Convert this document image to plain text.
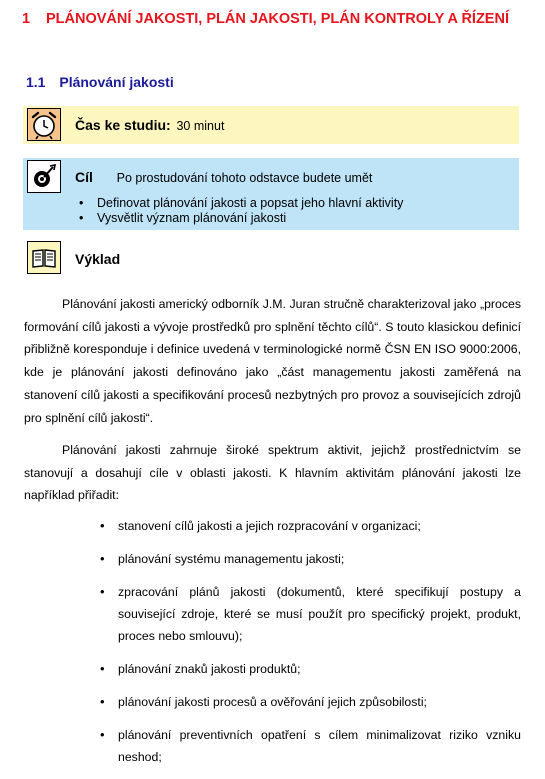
1	PLÁNOVÁNÍ JAKOSTI, PLÁN JAKOSTI, PLÁN KONTROLY A ŘÍZENÍ
1.1 Plánování jakosti
Čas ke studiu: 30 minut
Cíl Po prostudování tohoto odstavce budete umět
• Definovat plánování jakosti a popsat jeho hlavní aktivity
• Vysvětlit význam plánování jakosti
Výklad

Plánování jakosti americký odborník J.M. Juran stručně charakterizoval jako „proces formování cílů jakosti a vývoje prostředků pro splnění těchto cílů“. S touto klasickou definicí přibližně koresponduje i definice uvedená v terminologické normě ČSN EN ISO 9000:2006, kde je plánování jakosti definováno jako „část managementu jakosti zaměřená na stanovení cílů jakosti a specifikování procesů nezbytných pro provoz a souvisejících zdrojů pro splnění cílů jakosti“.

Plánování jakosti zahrnuje široké spektrum aktivit, jejichž prostřednictvím se stanovují a dosahují cíle v oblasti jakosti. K hlavním aktivitám plánování jakosti lze například přiřadit:

• stanovení cílů jakosti a jejich rozpracování v organizaci;
• plánování systému managementu jakosti;
• zpracování plánů jakosti (dokumentů, které specifikují postupy a související zdroje, které se musí použít pro specifický projekt, produkt, proces nebo smlouvu);
• plánování znaků jakosti produktů;
• plánování jakosti procesů a ověřování jejich způsobilosti;
• plánování preventivních opatření s cílem minimalizovat riziko vzniku neshod;
